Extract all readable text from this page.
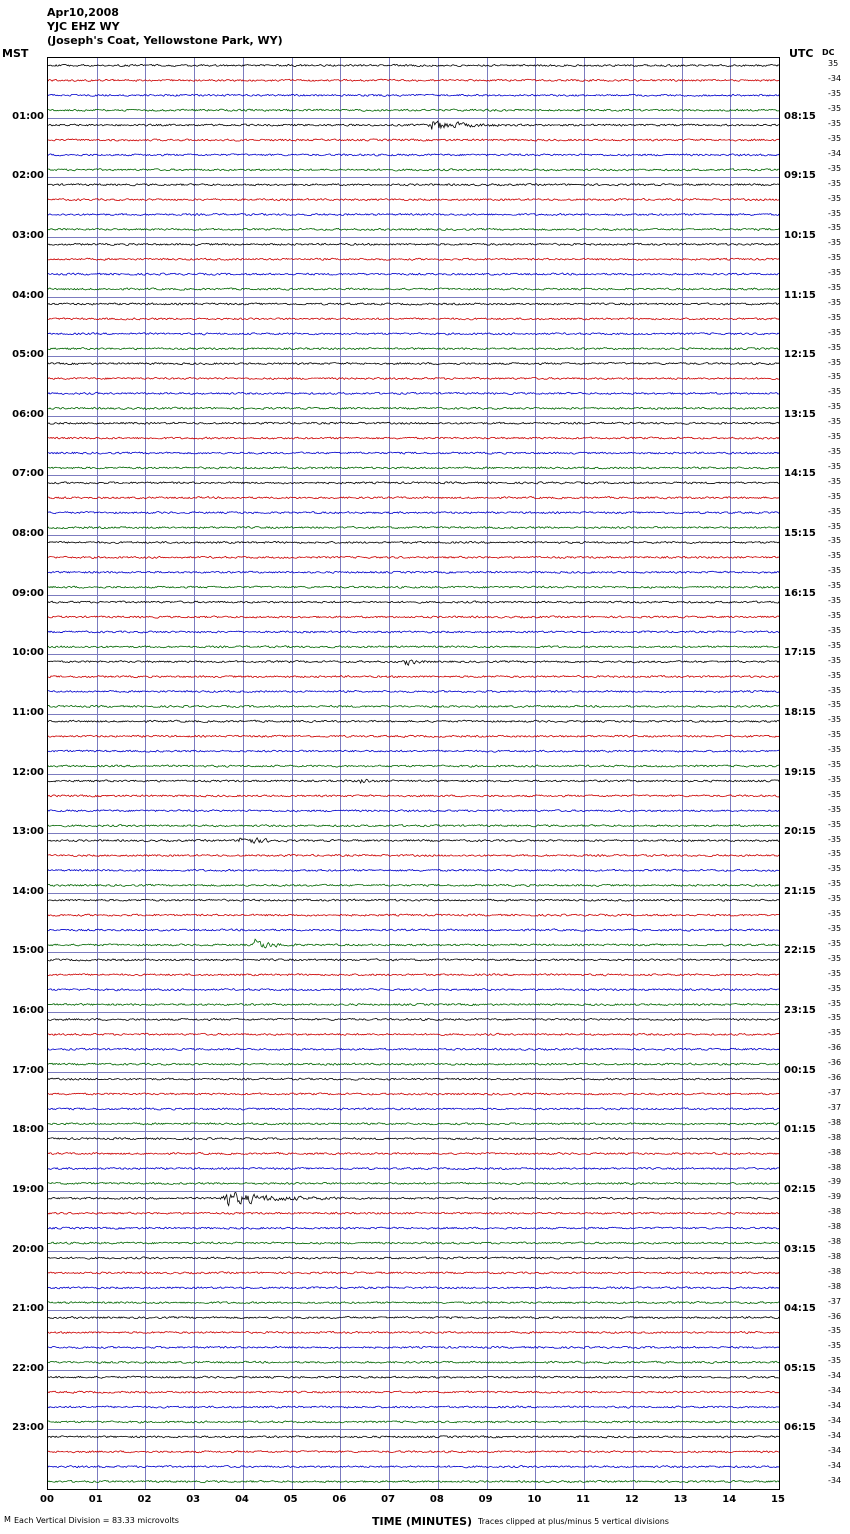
Apr10,2008
YJC EHZ WY
(Joseph's Coat, Yellowstone Park, WY)
MST	UTC DC
01:00
02:00
03:00
04:00
05:00
06:00
07:00
08:00
09:00
10:00
11:00
12:00
13:00
14:00
15:00
16:00
17:00
18:00
19:00
20:00
21:00
22:00
23:00
08:15
09:15
10:15
11:15
12:15
13:15
14:15
15:15
16:15
17:15
18:15
19:15
20:15
21:15
22:15
23:15
00:15
01:15
02:15
03:15
04:15
05:15
06:15
35
-34
-35
-35
-35
-35
-34
-35
-35
-35
-35
-35
-35
-35
-35
-35
-35
-35
-35
-35
-35
-35
-35
-35
-35
-35
-35
-35
-35
-35
-35
-35
-35
-35
-35
-35
-35
-35
-35
-35
-35
-35
-35
-35
-35
-35
-35
-35
-35
-35
-35
-35
-35
-35
-35
-35
-35
-35
-35
-35
-35
-35
-35
-35
-35
-35
-36
-36
-36
-37
-37
-38
-38
-38
-38
-39
-39
-38
-38
-38
-38
-38
-38
-37
-36
-35
-35
-35
-34
-34
-34
-34
-34
-34
-34
-34
00	01	02	03	04	05	06	07	08	09	10	11	12	13	14	15
TIME (MINUTES)
M Each Vertical Division = 83.33 microvolts	Traces clipped at plus/minus 5 vertical divisions
